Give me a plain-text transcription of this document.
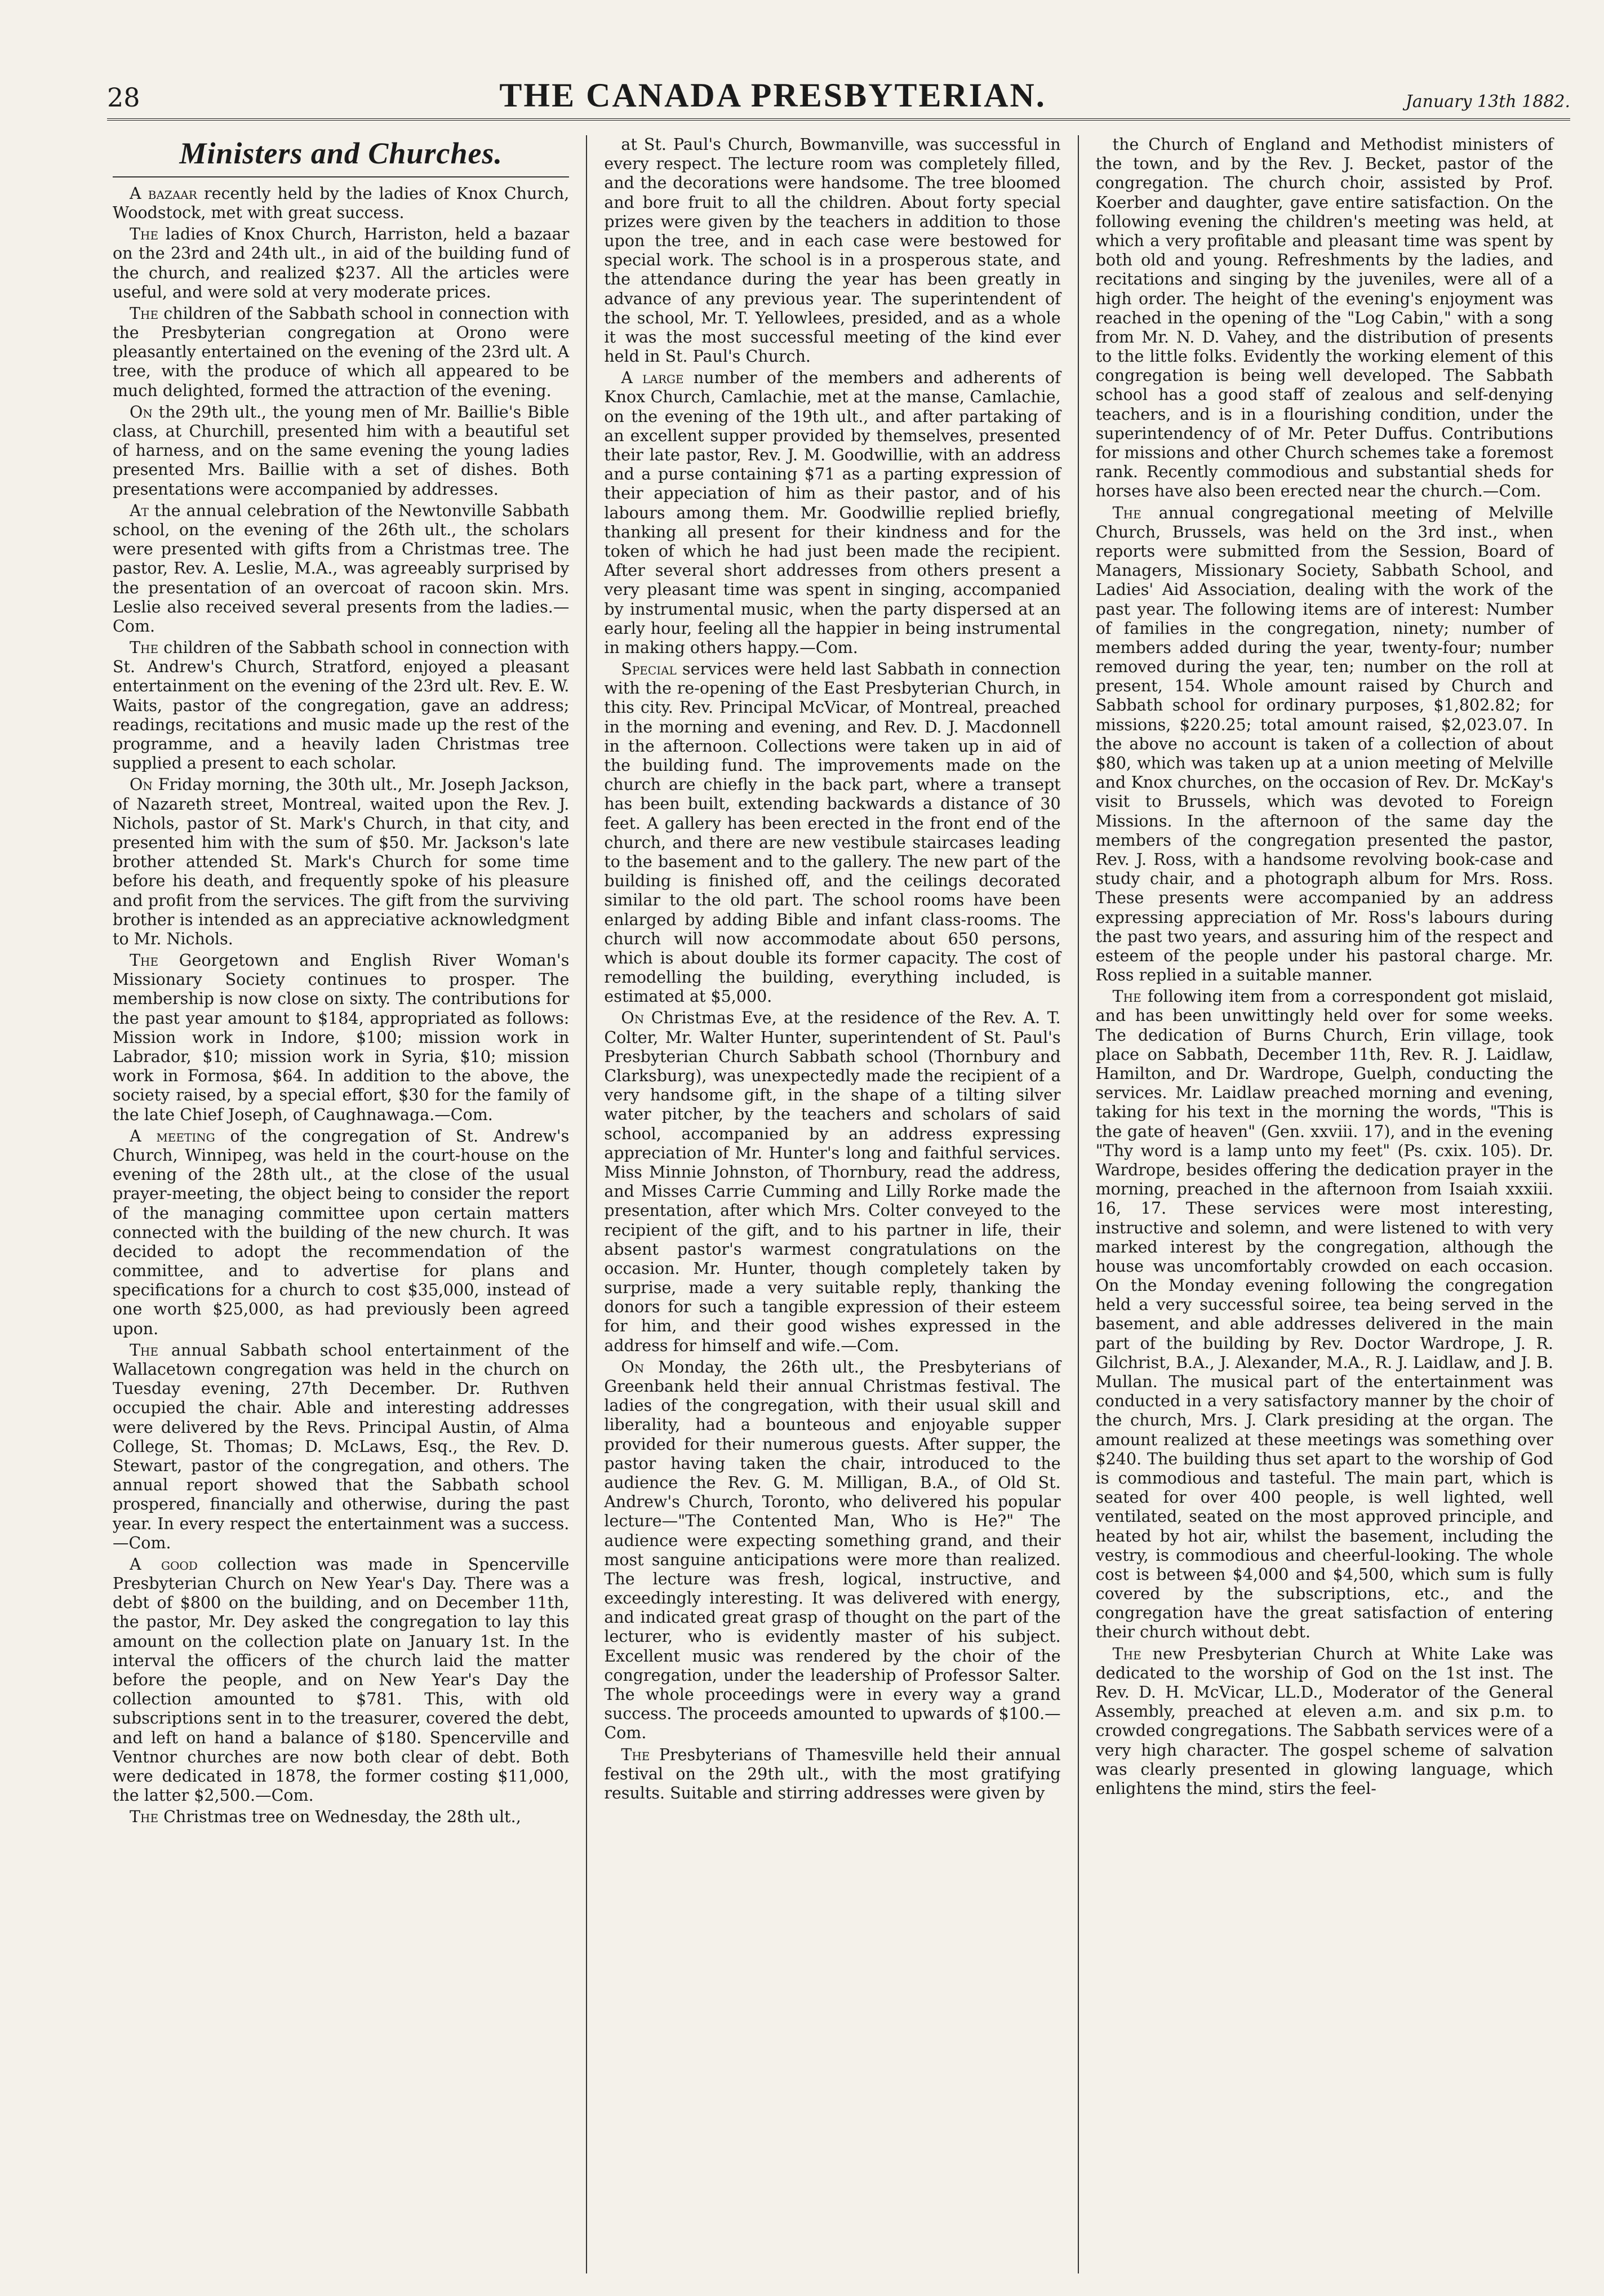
28	THE CANADA PRESBYTERIAN.	January 13th 1882.
Ministers and Churches.

A bazaar recently held by the ladies of Knox Church, Woodstock, met with great success.

The ladies of Knox Church, Harriston, held a bazaar on the 23rd and 24th ult., in aid of the building fund of the church, and realized $237. All the articles were useful, and were sold at very moderate prices.

The children of the Sabbath school in connection with the Presbyterian congregation at Orono were pleasantly entertained on the evening of the 23rd ult. A tree, with the produce of which all appeared to be much delighted, formed the attraction of the evening.

On the 29th ult., the young men of Mr. Baillie's Bible class, at Churchill, presented him with a beautiful set of harness, and on the same evening the young ladies presented Mrs. Baillie with a set of dishes. Both presentations were accompanied by addresses.

At the annual celebration of the Newtonville Sabbath school, on the evening of the 26th ult., the scholars were presented with gifts from a Christmas tree. The pastor, Rev. A. Leslie, M.A., was agreeably surprised by the presentation of an overcoat of racoon skin. Mrs. Leslie also received several presents from the ladies.—Com.

The children of the Sabbath school in connection with St. Andrew's Church, Stratford, enjoyed a pleasant entertainment on the evening of the 23rd ult. Rev. E. W. Waits, pastor of the congregation, gave an address; readings, recitations and music made up the rest of the programme, and a heavily laden Christmas tree supplied a present to each scholar.

On Friday morning, the 30th ult., Mr. Joseph Jackson, of Nazareth street, Montreal, waited upon the Rev. J. Nichols, pastor of St. Mark's Church, in that city, and presented him with the sum of $50. Mr. Jackson's late brother attended St. Mark's Church for some time before his death, and frequently spoke of his pleasure and profit from the services. The gift from the surviving brother is intended as an appreciative acknowledgment to Mr. Nichols.

The Georgetown and English River Woman's Missionary Society continues to prosper. The membership is now close on sixty. The contributions for the past year amount to $184, appropriated as follows: Mission work in Indore, $100; mission work in Labrador, $10; mission work in Syria, $10; mission work in Formosa, $64. In addition to the above, the society raised, by a special effort, $30 for the family of the late Chief Joseph, of Caughnawaga.—Com.

A meeting of the congregation of St. Andrew's Church, Winnipeg, was held in the court-house on the evening of the 28th ult., at the close of the usual prayer-meeting, the object being to consider the report of the managing committee upon certain matters connected with the building of the new church. It was decided to adopt the recommendation of the committee, and to advertise for plans and specifications for a church to cost $35,000, instead of one worth $25,000, as had previously been agreed upon.

The annual Sabbath school entertainment of the Wallacetown congregation was held in the church on Tuesday evening, 27th December. Dr. Ruthven occupied the chair. Able and interesting addresses were delivered by the Revs. Principal Austin, of Alma College, St. Thomas; D. McLaws, Esq., the Rev. D. Stewart, pastor of the congregation, and others. The annual report showed that the Sabbath school prospered, financially and otherwise, during the past year. In every respect the entertainment was a success.—Com.

A good collection was made in Spencerville Presbyterian Church on New Year's Day. There was a debt of $800 on the building, and on December 11th, the pastor, Mr. Dey asked the congregation to lay this amount on the collection plate on January 1st. In the interval the officers of the church laid the matter before the people, and on New Year's Day the collection amounted to $781. This, with old subscriptions sent in to the treasurer, covered the debt, and left on hand a balance of $180. Spencerville and Ventnor churches are now both clear of debt. Both were dedicated in 1878, the former costing $11,000, the latter $2,500.—Com.

The Christmas tree on Wednesday, the 28th ult.,

at St. Paul's Church, Bowmanville, was successful in every respect. The lecture room was completely filled, and the decorations were handsome. The tree bloomed and bore fruit to all the children. About forty special prizes were given by the teachers in addition to those upon the tree, and in each case were bestowed for special work. The school is in a prosperous state, and the attendance during the year has been greatly in advance of any previous year. The superintendent of the school, Mr. T. Yellowlees, presided, and as a whole it was the most successful meeting of the kind ever held in St. Paul's Church.

A large number of the members and adherents of Knox Church, Camlachie, met at the manse, Camlachie, on the evening of the 19th ult., and after partaking of an excellent supper provided by themselves, presented their late pastor, Rev. J. M. Goodwillie, with an address and a purse containing $71 as a parting expression of their appeciation of him as their pastor, and of his labours among them. Mr. Goodwillie replied briefly, thanking all present for their kindness and for the token of which he had just been made the recipient. After several short addresses from others present a very pleasant time was spent in singing, accompanied by instrumental music, when the party dispersed at an early hour, feeling all the happier in being instrumental in making others happy.—Com.

Special services were held last Sabbath in connection with the re-opening of the East Presbyterian Church, in this city. Rev. Principal McVicar, of Montreal, preached in the morning and evening, and Rev. D. J. Macdonnell in the afternoon. Collections were taken up in aid of the building fund. The improvements made on the church are chiefly in the back part, where a transept has been built, extending backwards a distance of 30 feet. A gallery has been erected in the front end of the church, and there are new vestibule staircases leading to the basement and to the gallery. The new part of the building is finished off, and the ceilings decorated similar to the old part. The school rooms have been enlarged by adding Bible and infant class-rooms. The church will now accommodate about 650 persons, which is about double its former capacity. The cost of remodelling the building, everything included, is estimated at $5,000.

On Christmas Eve, at the residence of the Rev. A. T. Colter, Mr. Walter Hunter, superintendent of St. Paul's Presbyterian Church Sabbath school (Thornbury and Clarksburg), was unexpectedly made the recipient of a very handsome gift, in the shape of a tilting silver water pitcher, by the teachers and scholars of said school, accompanied by an address expressing appreciation of Mr. Hunter's long and faithful services. Miss Minnie Johnston, of Thornbury, read the address, and Misses Carrie Cumming and Lilly Rorke made the presentation, after which Mrs. Colter conveyed to the recipient of the gift, and to his partner in life, their absent pastor's warmest congratulations on the occasion. Mr. Hunter, though completely taken by surprise, made a very suitable reply, thanking the donors for such a tangible expression of their esteem for him, and their good wishes expressed in the address for himself and wife.—Com.

On Monday, the 26th ult., the Presbyterians of Greenbank held their annual Christmas festival. The ladies of the congregation, with their usual skill and liberality, had a bounteous and enjoyable supper provided for their numerous guests. After supper, the pastor having taken the chair, introduced to the audience the Rev. G. M. Milligan, B.A., of Old St. Andrew's Church, Toronto, who delivered his popular lecture—"The Contented Man, Who is He?" The audience were expecting something grand, and their most sanguine anticipations were more than realized. The lecture was fresh, logical, instructive, and exceedingly interesting. It was delivered with energy, and indicated great grasp of thought on the part of the lecturer, who is evidently master of his subject. Excellent music was rendered by the choir of the congregation, under the leadership of Professor Salter. The whole proceedings were in every way a grand success. The proceeds amounted to upwards of $100.—Com.

The Presbyterians of Thamesville held their annual festival on the 29th ult., with the most gratifying results. Suitable and stirring addresses were given by

the Church of England and Methodist ministers of the town, and by the Rev. J. Becket, pastor of the congregation. The church choir, assisted by Prof. Koerber and daughter, gave entire satisfaction. On the following evening the children's meeting was held, at which a very profitable and pleasant time was spent by both old and young. Refreshments by the ladies, and recitations and singing by the juveniles, were all of a high order. The height of the evening's enjoyment was reached in the opening of the "Log Cabin," with a song from Mr. N. D. Vahey, and the distribution of presents to the little folks. Evidently the working element of this congregation is being well developed. The Sabbath school has a good staff of zealous and self-denying teachers, and is in a flourishing condition, under the superintendency of of Mr. Peter Duffus. Contributions for missions and other Church schemes take a foremost rank. Recently commodious and substantial sheds for horses have also been erected near the church.—Com.

The annual congregational meeting of Melville Church, Brussels, was held on the 3rd inst., when reports were submitted from the Session, Board of Managers, Missionary Society, Sabbath School, and Ladies' Aid Association, dealing with the work of the past year. The following items are of interest: Number of families in the congregation, ninety; number of members added during the year, twenty-four; number removed during the year, ten; number on the roll at present, 154. Whole amount raised by Church and Sabbath school for ordinary purposes, $1,802.82; for missions, $220.25; total amount raised, $2,023.07. In the above no account is taken of a collection of about $80, which was taken up at a union meeting of Melville and Knox churches, on the occasion of Rev. Dr. McKay's visit to Brussels, which was devoted to Foreign Missions. In the afternoon of the same day the members of the congregation presented the pastor, Rev. J. Ross, with a handsome revolving book-case and study chair, and a photograph album for Mrs. Ross. These presents were accompanied by an address expressing appreciation of Mr. Ross's labours during the past two years, and assuring him of the respect and esteem of the people under his pastoral charge. Mr. Ross replied in a suitable manner.

The following item from a correspondent got mislaid, and has been unwittingly held over for some weeks. The dedication of Burns Church, Erin village, took place on Sabbath, December 11th, Rev. R. J. Laidlaw, Hamilton, and Dr. Wardrope, Guelph, conducting the services. Mr. Laidlaw preached morning and evening, taking for his text in the morning the words, "This is the gate of heaven" (Gen. xxviii. 17), and in the evening "Thy word is a lamp unto my feet" (Ps. cxix. 105). Dr. Wardrope, besides offering the dedication prayer in the morning, preached in the afternoon from Isaiah xxxiii. 16, 17. These services were most interesting, instructive and solemn, and were listened to with very marked interest by the congregation, although the house was uncomfortably crowded on each occasion. On the Monday evening following the congregation held a very successful soiree, tea being served in the basement, and able addresses delivered in the main part of the building by Rev. Doctor Wardrope, J. R. Gilchrist, B.A., J. Alexander, M.A., R. J. Laidlaw, and J. B. Mullan. The musical part of the entertainment was conducted in a very satisfactory manner by the choir of the church, Mrs. J. Clark presiding at the organ. The amount realized at these meetings was something over $240. The building thus set apart to the worship of God is commodious and tasteful. The main part, which is seated for over 400 people, is well lighted, well ventilated, seated on the most approved principle, and heated by hot air, whilst the basement, including the vestry, is commodious and cheerful-looking. The whole cost is between $4,000 and $4,500, which sum is fully covered by the subscriptions, etc., and the congregation have the great satisfaction of entering their church without debt.

The new Presbyterian Church at White Lake was dedicated to the worship of God on the 1st inst. The Rev. D. H. McVicar, LL.D., Moderator of the General Assembly, preached at eleven a.m. and six p.m. to crowded congregations. The Sabbath services were of a very high character. The gospel scheme of salvation was clearly presented in glowing language, which enlightens the mind, stirs the feel-
